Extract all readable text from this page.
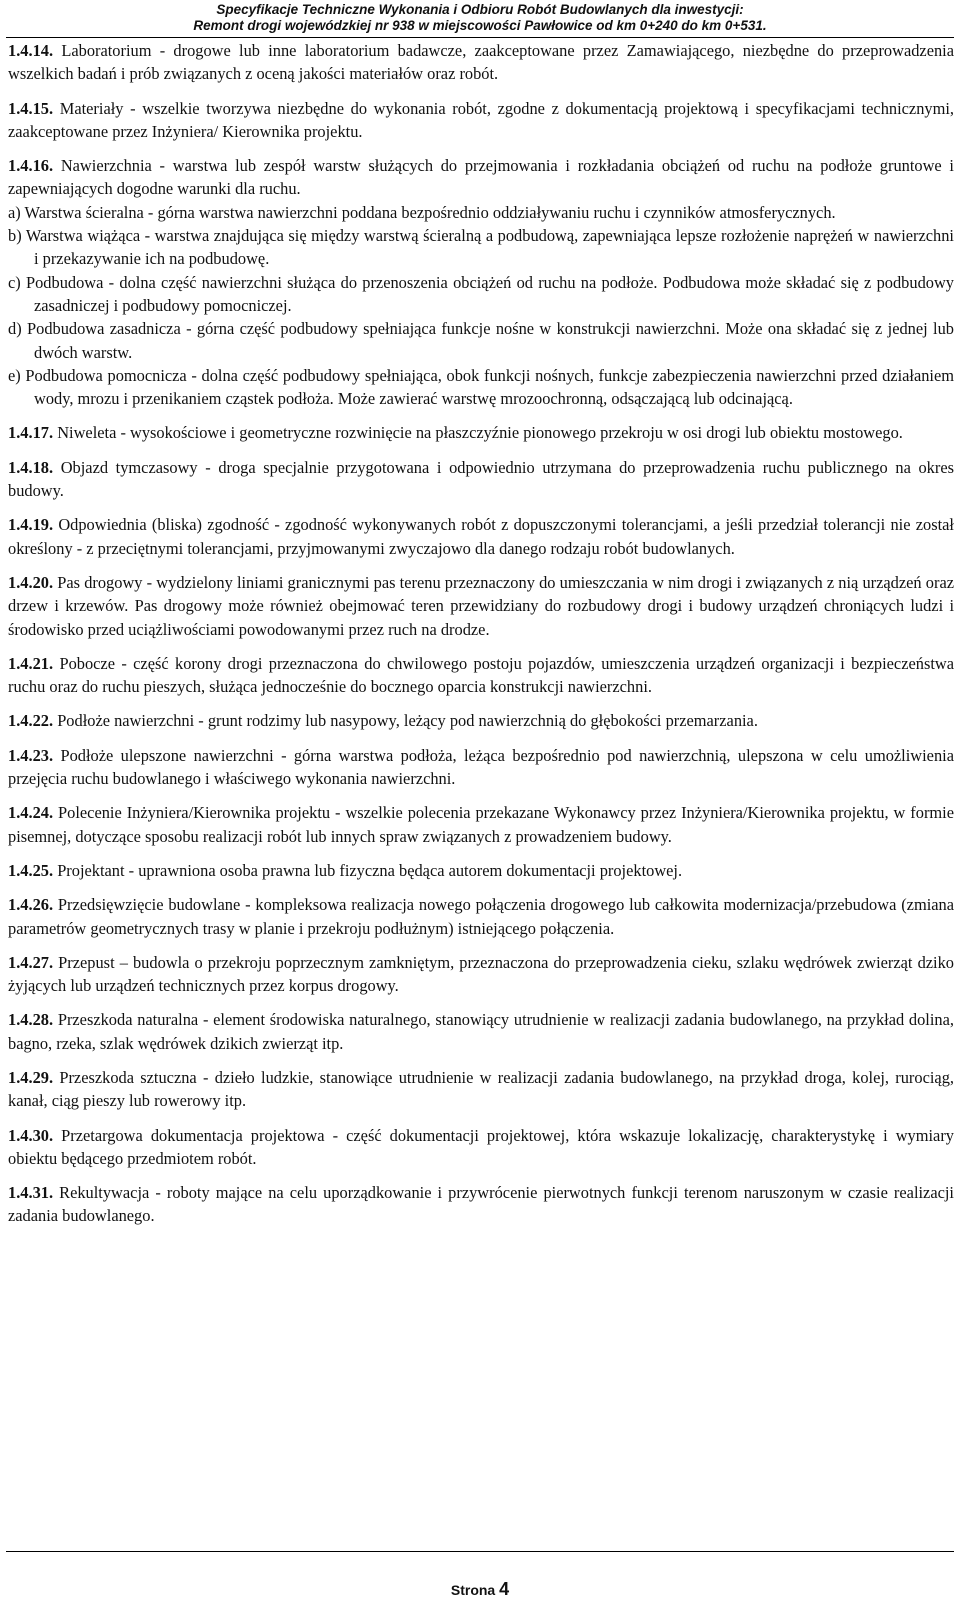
Specyfikacje Techniczne Wykonania i Odbioru Robót Budowlanych dla inwestycji:
Remont drogi wojewódzkiej nr 938 w miejscowości Pawłowice od km 0+240 do km 0+531.

1.4.14. Laboratorium - drogowe lub inne laboratorium badawcze, zaakceptowane przez Zamawiającego, niezbędne do przeprowadzenia wszelkich badań i prób związanych z oceną jakości materiałów oraz robót.

1.4.15. Materiały - wszelkie tworzywa niezbędne do wykonania robót, zgodne z dokumentacją projektową i specyfikacjami technicznymi, zaakceptowane przez Inżyniera/ Kierownika projektu.

1.4.16. Nawierzchnia - warstwa lub zespół warstw służących do przejmowania i rozkładania obciążeń od ruchu na podłoże gruntowe i zapewniających dogodne warunki dla ruchu.

a) Warstwa ścieralna - górna warstwa nawierzchni poddana bezpośrednio oddziaływaniu ruchu i czynników atmosferycznych.

b) Warstwa wiążąca - warstwa znajdująca się między warstwą ścieralną a podbudową, zapewniająca lepsze rozłożenie naprężeń w nawierzchni i przekazywanie ich na podbudowę.

c) Podbudowa - dolna część nawierzchni służąca do przenoszenia obciążeń od ruchu na podłoże. Podbudowa może składać się z podbudowy zasadniczej i podbudowy pomocniczej.

d) Podbudowa zasadnicza - górna część podbudowy spełniająca funkcje nośne w konstrukcji nawierzchni. Może ona składać się z jednej lub dwóch warstw.

e) Podbudowa pomocnicza - dolna część podbudowy spełniająca, obok funkcji nośnych, funkcje zabezpieczenia nawierzchni przed działaniem wody, mrozu i przenikaniem cząstek podłoża. Może zawierać warstwę mrozoochronną, odsączającą lub odcinającą.

1.4.17. Niweleta - wysokościowe i geometryczne rozwinięcie na płaszczyźnie pionowego przekroju w osi drogi lub obiektu mostowego.

1.4.18. Objazd tymczasowy - droga specjalnie przygotowana i odpowiednio utrzymana do przeprowadzenia ruchu publicznego na okres budowy.

1.4.19. Odpowiednia (bliska) zgodność - zgodność wykonywanych robót z dopuszczonymi tolerancjami, a jeśli przedział tolerancji nie został określony - z przeciętnymi tolerancjami, przyjmowanymi zwyczajowo dla danego rodzaju robót budowlanych.

1.4.20. Pas drogowy - wydzielony liniami granicznymi pas terenu przeznaczony do umieszczania w nim drogi i związanych z nią urządzeń oraz drzew i krzewów. Pas drogowy może również obejmować teren przewidziany do rozbudowy drogi i budowy urządzeń chroniących ludzi i środowisko przed uciążliwościami powodowanymi przez ruch na drodze.

1.4.21. Pobocze - część korony drogi przeznaczona do chwilowego postoju pojazdów, umieszczenia urządzeń organizacji i bezpieczeństwa ruchu oraz do ruchu pieszych, służąca jednocześnie do bocznego oparcia konstrukcji nawierzchni.

1.4.22. Podłoże nawierzchni - grunt rodzimy lub nasypowy, leżący pod nawierzchnią do głębokości przemarzania.

1.4.23. Podłoże ulepszone nawierzchni - górna warstwa podłoża, leżąca bezpośrednio pod nawierzchnią, ulepszona w celu umożliwienia przejęcia ruchu budowlanego i właściwego wykonania nawierzchni.

1.4.24. Polecenie Inżyniera/Kierownika projektu - wszelkie polecenia przekazane Wykonawcy przez Inżyniera/Kierownika projektu, w formie pisemnej, dotyczące sposobu realizacji robót lub innych spraw związanych z prowadzeniem budowy.

1.4.25. Projektant - uprawniona osoba prawna lub fizyczna będąca autorem dokumentacji projektowej.

1.4.26. Przedsięwzięcie budowlane - kompleksowa realizacja nowego połączenia drogowego lub całkowita modernizacja/przebudowa (zmiana parametrów geometrycznych trasy w planie i przekroju podłużnym) istniejącego połączenia.

1.4.27. Przepust – budowla o przekroju poprzecznym zamkniętym, przeznaczona do przeprowadzenia cieku, szlaku wędrówek zwierząt dziko żyjących lub urządzeń technicznych przez korpus drogowy.

1.4.28. Przeszkoda naturalna - element środowiska naturalnego, stanowiący utrudnienie w realizacji zadania budowlanego, na przykład dolina, bagno, rzeka, szlak wędrówek dzikich zwierząt itp.

1.4.29. Przeszkoda sztuczna - dzieło ludzkie, stanowiące utrudnienie w realizacji zadania budowlanego, na przykład droga, kolej, rurociąg, kanał, ciąg pieszy lub rowerowy itp.

1.4.30. Przetargowa dokumentacja projektowa - część dokumentacji projektowej, która wskazuje lokalizację, charakterystykę i wymiary obiektu będącego przedmiotem robót.

1.4.31. Rekultywacja - roboty mające na celu uporządkowanie i przywrócenie pierwotnych funkcji terenom naruszonym w czasie realizacji zadania budowlanego.

Strona 4
